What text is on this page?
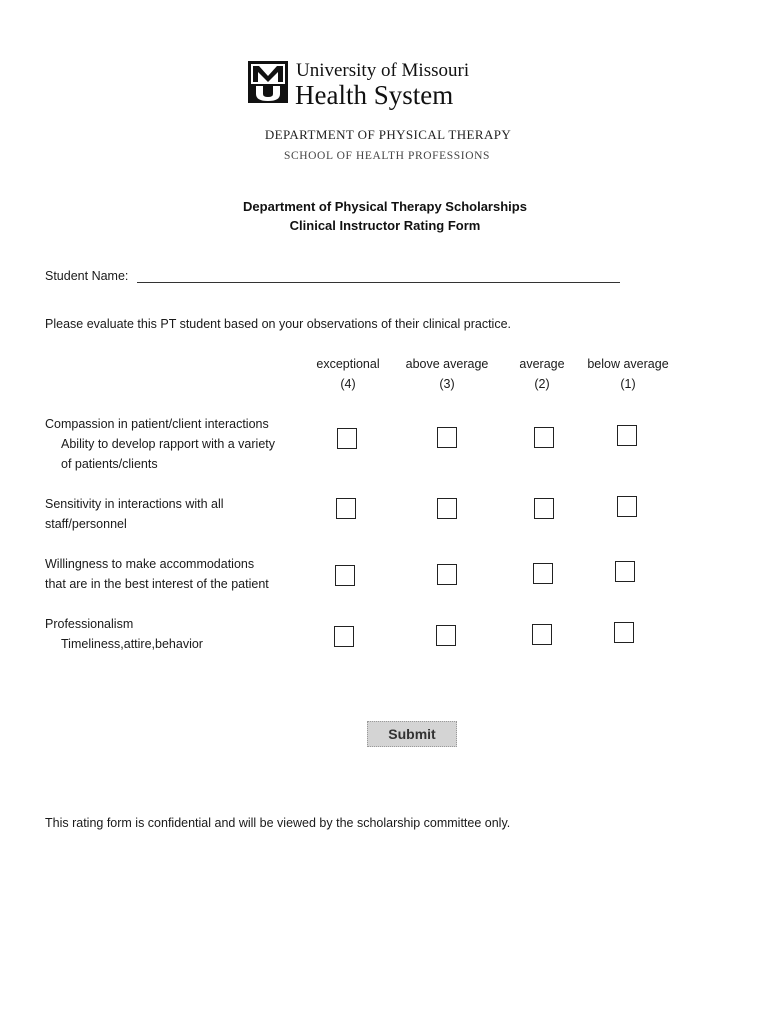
University of Missouri
Health System
DEPARTMENT OF PHYSICAL THERAPY
SCHOOL OF HEALTH PROFESSIONS
Department of Physical Therapy Scholarships
Clinical Instructor Rating Form
Student Name:
Please evaluate this PT student based on your observations of their clinical practice.
exceptional
(4)
above average
(3)
average
(2)
below average
(1)
Compassion in patient/client interactions
Ability to develop rapport with a variety
of patients/clients
Sensitivity in interactions with all
staff/personnel
Willingness to make accommodations
that are in the best interest of the patient
Professionalism
Timeliness,attire,behavior
Submit
This rating form is confidential and will be viewed by the scholarship committee only.
